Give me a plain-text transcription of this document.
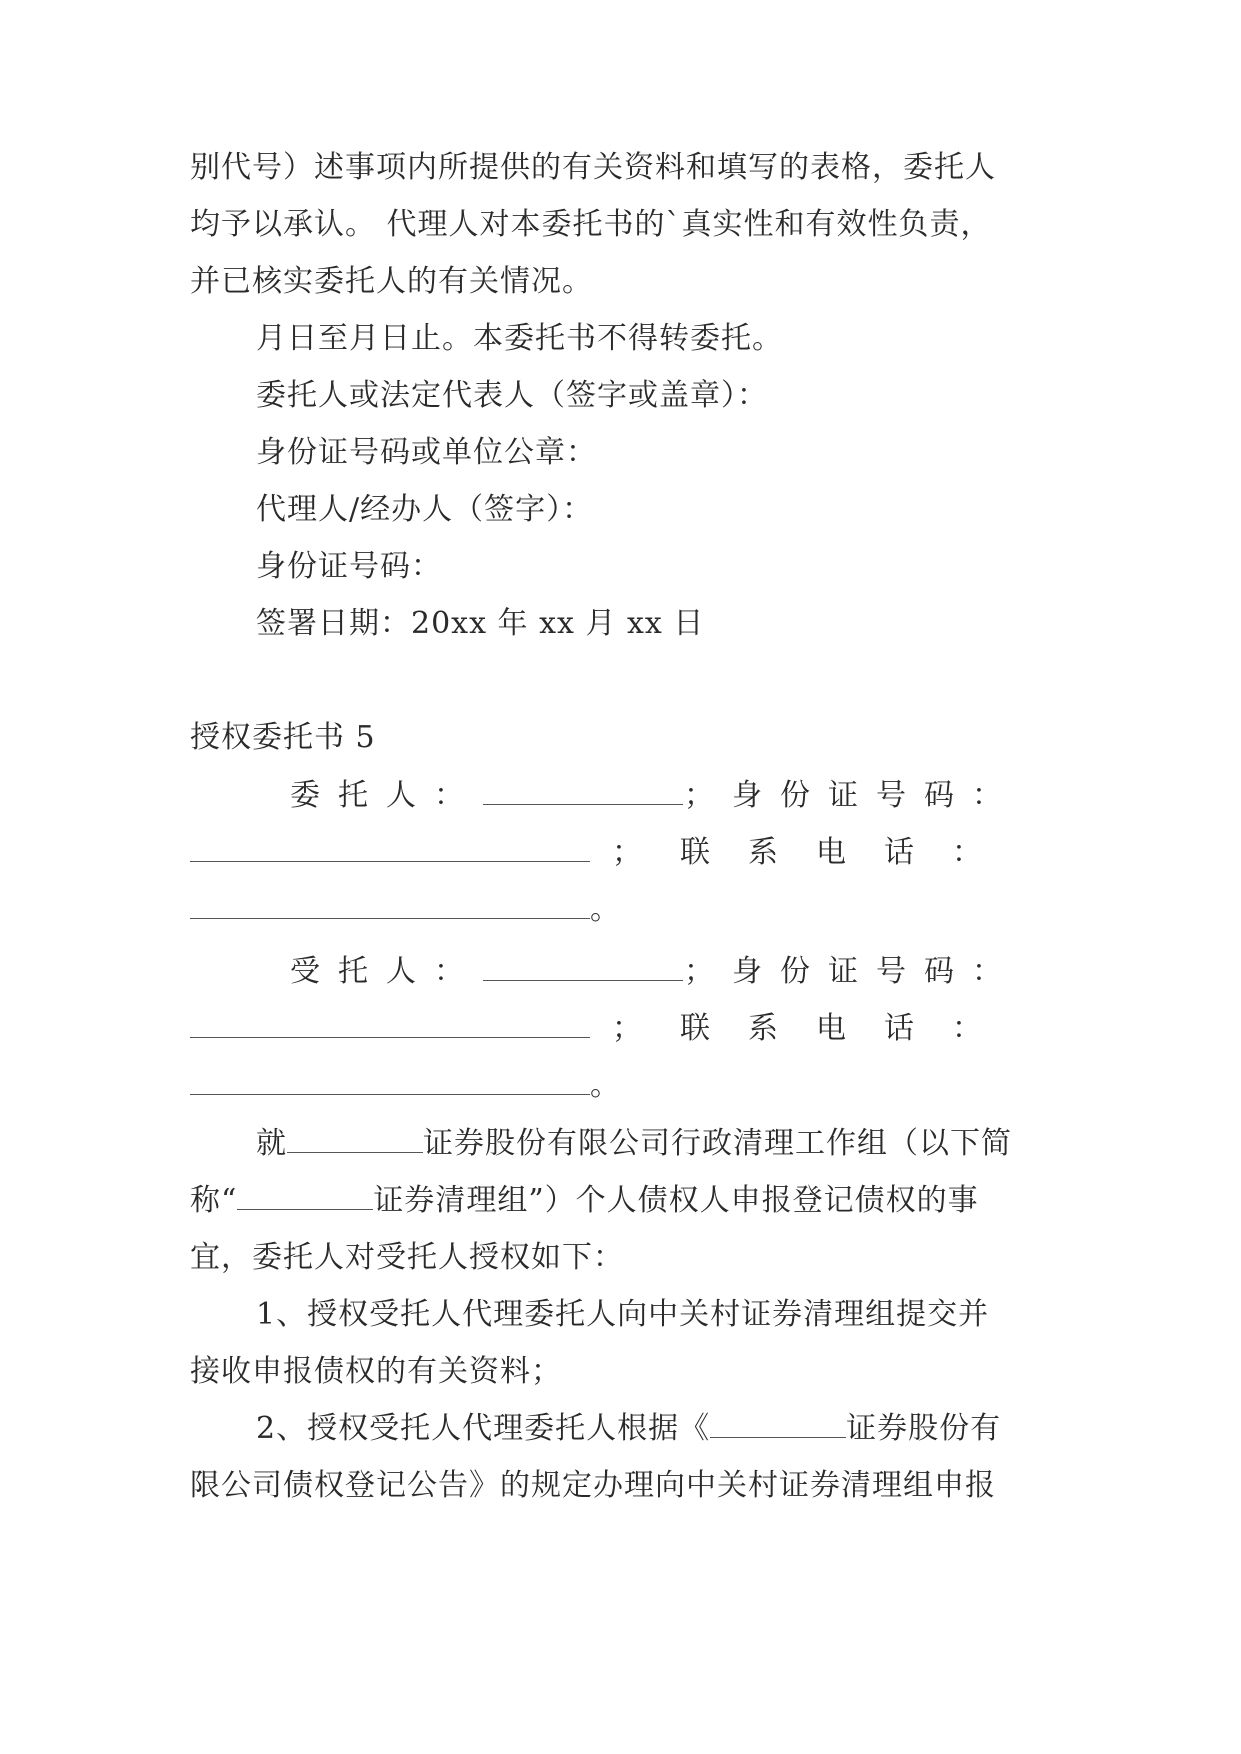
别代号）述事项内所提供的有关资料和填写的表格，委托人
均予以承认。 代理人对本委托书的`真实性和有效性负责，
并已核实委托人的有关情况。
月日至月日止。本委托书不得转委托。
委托人或法定代表人（签字或盖章）：
身份证号码或单位公章：
代理人/经办人（签字）：
身份证号码：
签署日期：20xx 年 xx 月 xx 日
授权委托书 5
委托人：	；身份证号码：
；联系电话：
。
受托人：	；身份证号码：
；联系电话：
。
就	证券股份有限公司行政清理工作组（以下简
称“	证券清理组”）个人债权人申报登记债权的事
宜，委托人对受托人授权如下：
1、授权受托人代理委托人向中关村证券清理组提交并
接收申报债权的有关资料；
2、授权受托人代理委托人根据《	证券股份有
限公司债权登记公告》的规定办理向中关村证券清理组申报
